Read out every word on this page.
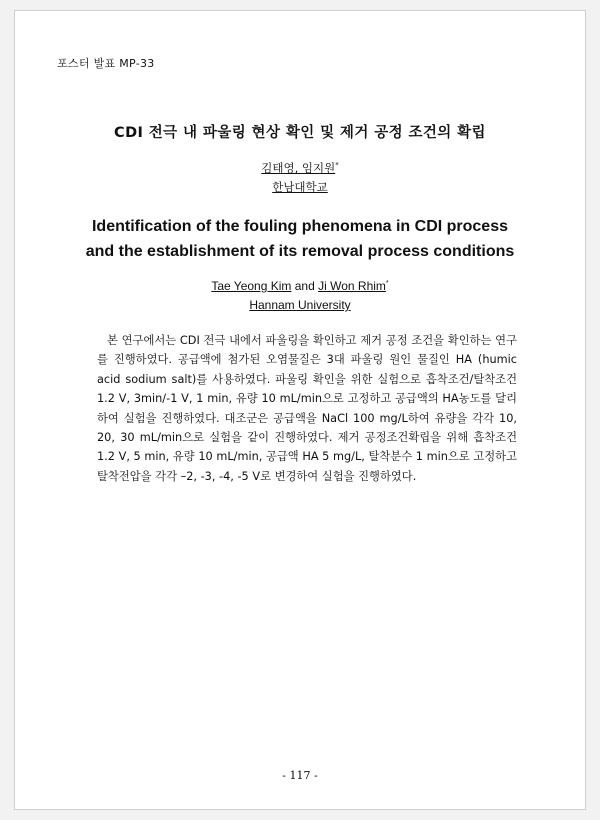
포스터 발표 MP-33
CDI 전극 내 파울링 현상 확인 및 제거 공정 조건의 확립
김태영, 임지원*
한남대학교
Identification of the fouling phenomena in CDI process
and the establishment of its removal process conditions
Tae Yeong Kim and Ji Won Rhim*
Hannam University

본 연구에서는 CDI 전극 내에서 파울링을 확인하고 제거 공정 조건을 확인하는 연구를 진행하였다. 공급액에 첨가된 오염물질은 3대 파울링 원인 물질인 HA (humic acid sodium salt)를 사용하였다. 파울링 확인을 위한 실험으로 흡착조건/탈착조건 1.2 V, 3min/-1 V, 1 min, 유량 10 mL/min으로 고정하고 공급액의 HA농도를 달리하여 실험을 진행하였다. 대조군은 공급액을 NaCl 100 mg/L하여 유량을 각각 10, 20, 30 mL/min으로 실험을 같이 진행하였다. 제거 공정조건확립을 위해 흡착조건 1.2 V, 5 min, 유량 10 mL/min, 공급액 HA 5 mg/L, 탈착분수 1 min으로 고정하고 탈착전압을 각각 –2, -3, -4, -5 V로 변경하여 실험을 진행하였다.

- 117 -
